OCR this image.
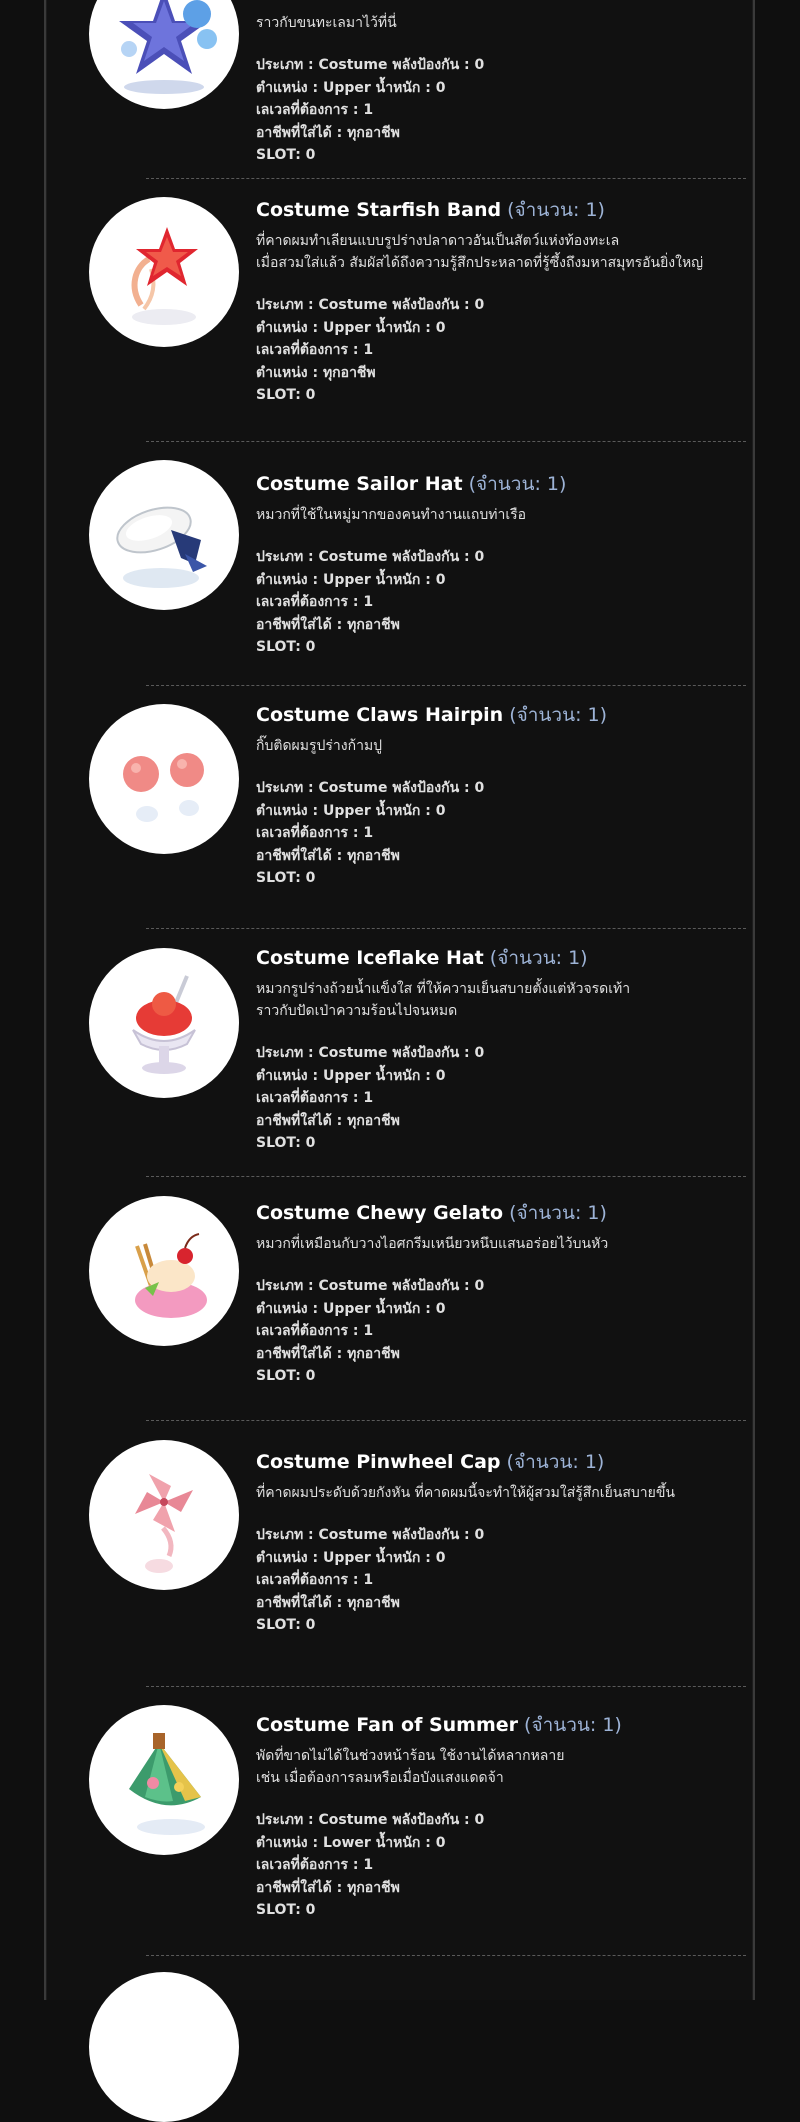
ราวกับขนทะเลมาไว้ที่นี่
ประเภท : Costume พลังป้องกัน : 0
ตำแหน่ง : Upper น้ำหนัก : 0
เลเวลที่ต้องการ : 1
อาชีพที่ใส่ได้ : ทุกอาชีพ
SLOT: 0
Costume Starfish Band (จำนวน: 1)
ที่คาดผมทำเลียนแบบรูปร่างปลาดาวอันเป็นสัตว์แห่งท้องทะเล
เมื่อสวมใส่แล้ว สัมผัสได้ถึงความรู้สึกประหลาดที่รู้ซึ้งถึงมหาสมุทรอันยิ่งใหญ่
ประเภท : Costume พลังป้องกัน : 0
ตำแหน่ง : Upper น้ำหนัก : 0
เลเวลที่ต้องการ : 1
ตำแหน่ง : ทุกอาชีพ
SLOT: 0
Costume Sailor Hat (จำนวน: 1)
หมวกที่ใช้ในหมู่มากของคนทำงานแถบท่าเรือ
ประเภท : Costume พลังป้องกัน : 0
ตำแหน่ง : Upper น้ำหนัก : 0
เลเวลที่ต้องการ : 1
อาชีพที่ใส่ได้ : ทุกอาชีพ
SLOT: 0
Costume Claws Hairpin (จำนวน: 1)
กิ๊บติดผมรูปร่างก้ามปู
ประเภท : Costume พลังป้องกัน : 0
ตำแหน่ง : Upper น้ำหนัก : 0
เลเวลที่ต้องการ : 1
อาชีพที่ใส่ได้ : ทุกอาชีพ
SLOT: 0
Costume Iceflake Hat (จำนวน: 1)
หมวกรูปร่างถ้วยน้ำแข็งใส ที่ให้ความเย็นสบายตั้งแต่หัวจรดเท้า
ราวกับปัดเป่าความร้อนไปจนหมด
ประเภท : Costume พลังป้องกัน : 0
ตำแหน่ง : Upper น้ำหนัก : 0
เลเวลที่ต้องการ : 1
อาชีพที่ใส่ได้ : ทุกอาชีพ
SLOT: 0
Costume Chewy Gelato (จำนวน: 1)
หมวกที่เหมือนกับวางไอศกรีมเหนียวหนึบแสนอร่อยไว้บนหัว
ประเภท : Costume พลังป้องกัน : 0
ตำแหน่ง : Upper น้ำหนัก : 0
เลเวลที่ต้องการ : 1
อาชีพที่ใส่ได้ : ทุกอาชีพ
SLOT: 0
Costume Pinwheel Cap (จำนวน: 1)
ที่คาดผมประดับด้วยกังหัน ที่คาดผมนี้จะทำให้ผู้สวมใส่รู้สึกเย็นสบายขึ้น
ประเภท : Costume พลังป้องกัน : 0
ตำแหน่ง : Upper น้ำหนัก : 0
เลเวลที่ต้องการ : 1
อาชีพที่ใส่ได้ : ทุกอาชีพ
SLOT: 0
Costume Fan of Summer (จำนวน: 1)
พัดที่ขาดไม่ได้ในช่วงหน้าร้อน ใช้งานได้หลากหลาย
เช่น เมื่อต้องการลมหรือเมื่อบังแสงแดดจ้า
ประเภท : Costume พลังป้องกัน : 0
ตำแหน่ง : Lower น้ำหนัก : 0
เลเวลที่ต้องการ : 1
อาชีพที่ใส่ได้ : ทุกอาชีพ
SLOT: 0
